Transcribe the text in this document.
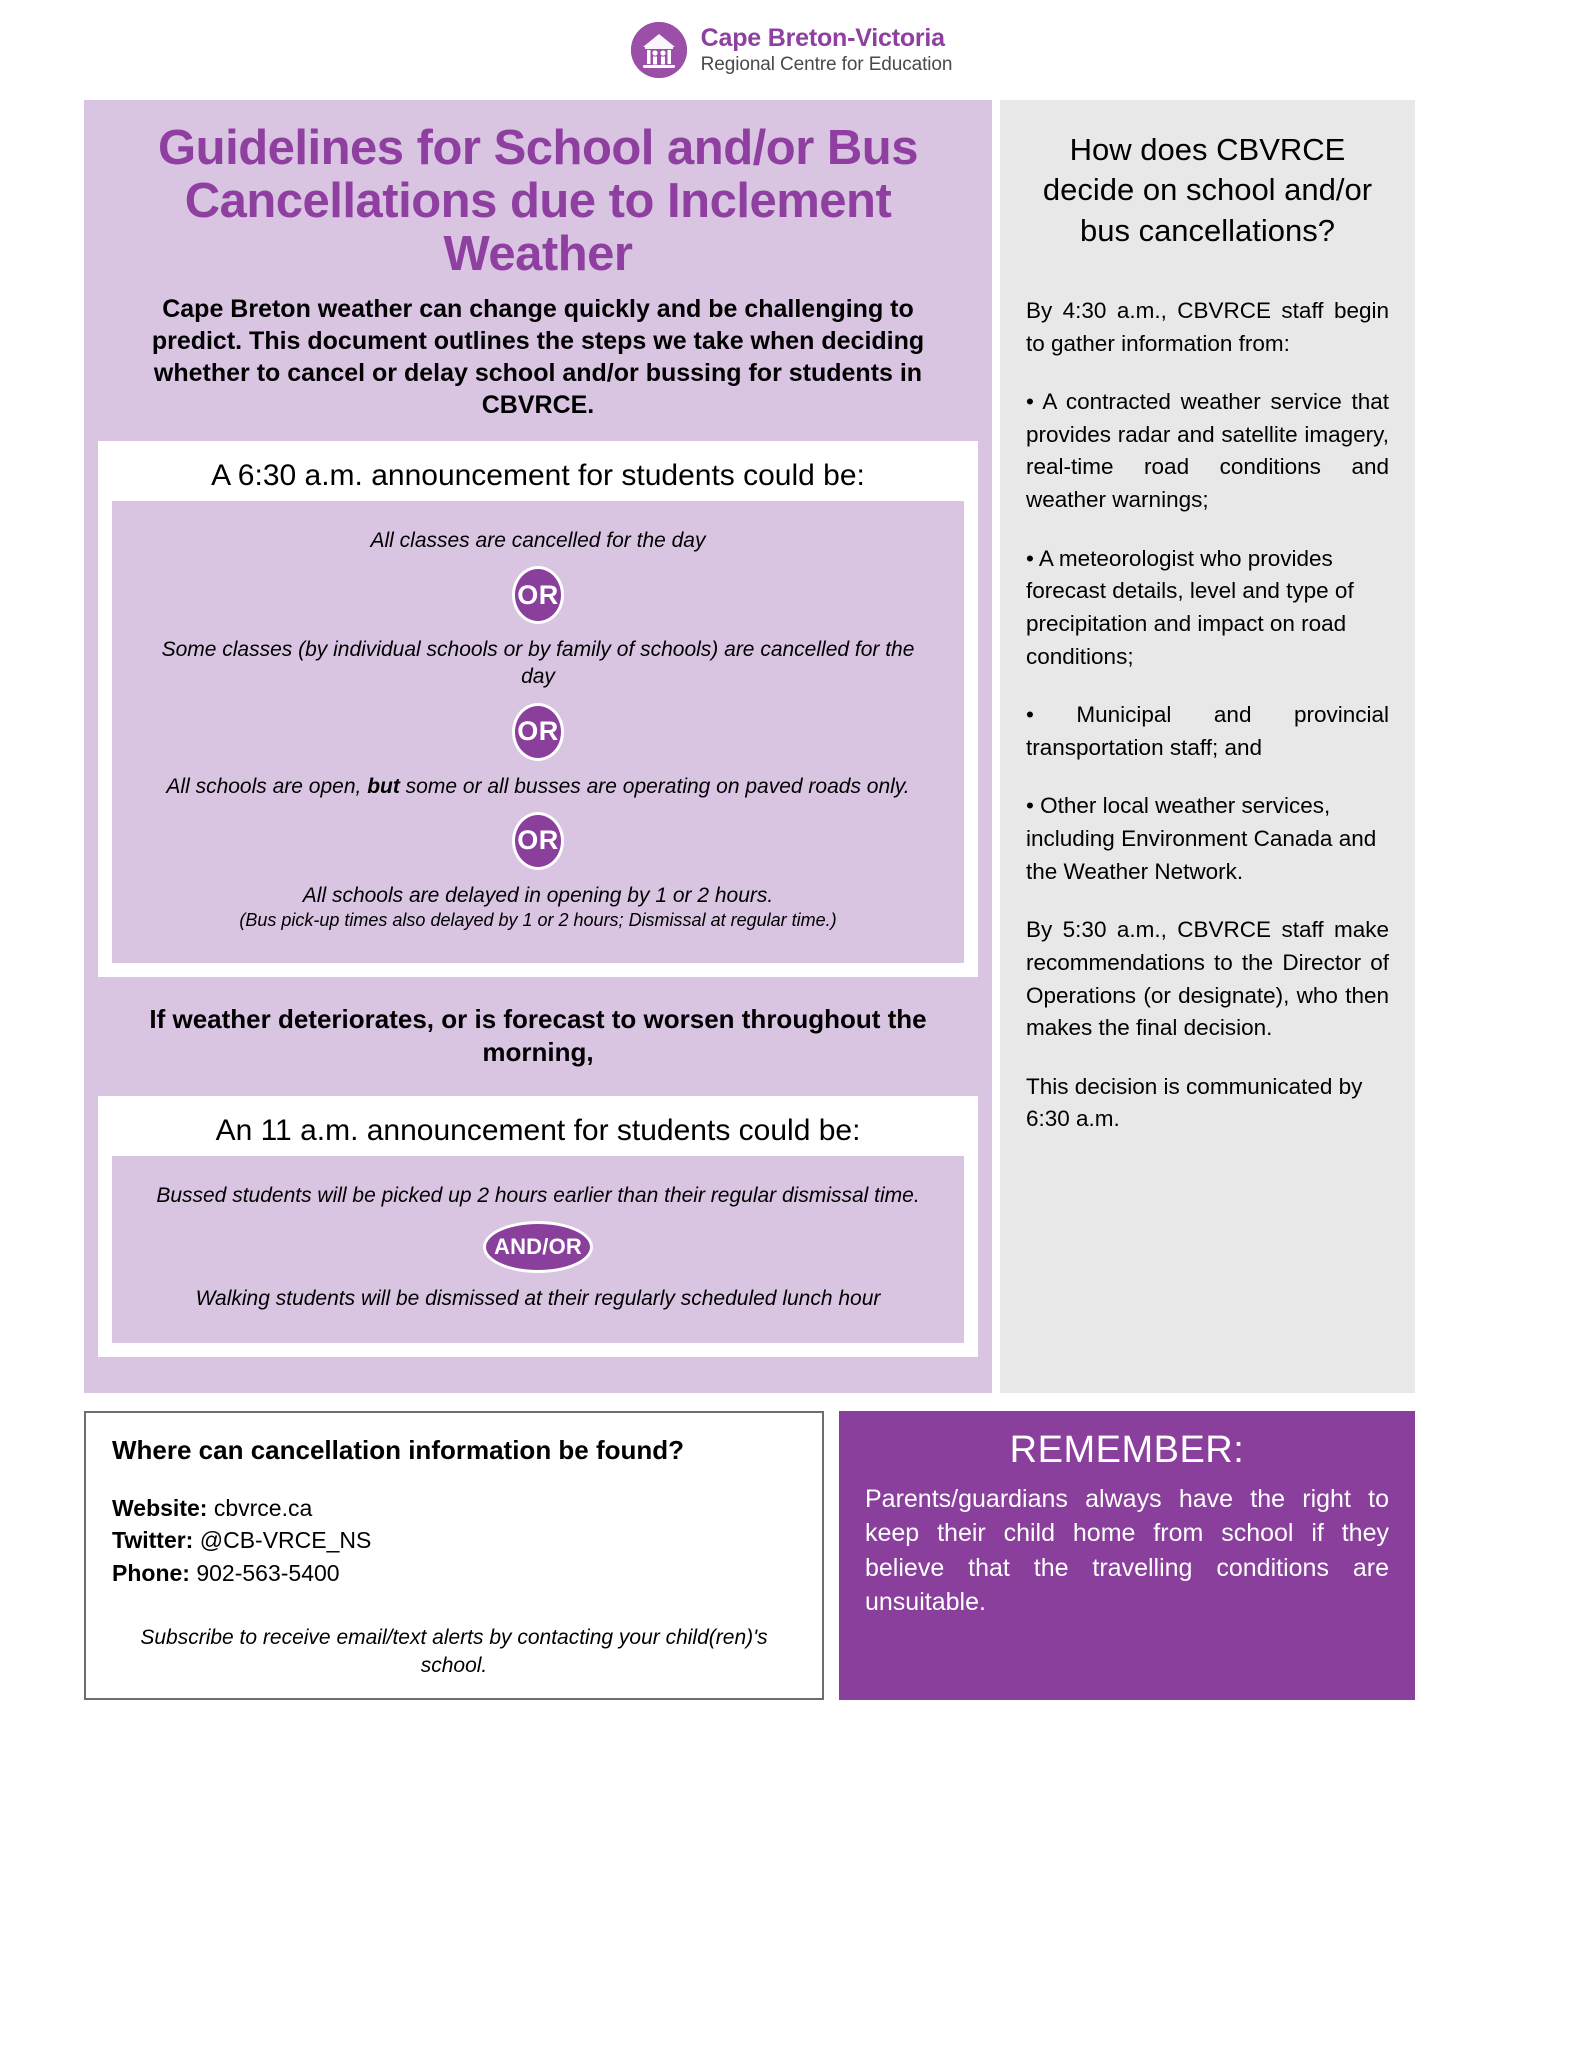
Cape Breton-Victoria
Regional Centre for Education
Guidelines for School and/or Bus Cancellations due to Inclement Weather
Cape Breton weather can change quickly and be challenging to predict. This document outlines the steps we take when deciding whether to cancel or delay school and/or bussing for students in CBVRCE.
A 6:30 a.m. announcement for students could be:
All classes are cancelled for the day
OR
Some classes (by individual schools or by family of schools) are cancelled for the day
OR
All schools are open, but some or all busses are operating on paved roads only.
OR
All schools are delayed in opening by 1 or 2 hours.
(Bus pick-up times also delayed by 1 or 2 hours; Dismissal at regular time.)
If weather deteriorates, or is forecast to worsen throughout the morning,
An 11 a.m. announcement for students could be:
Bussed students will be picked up 2 hours earlier than their regular dismissal time.
AND/OR
Walking students will be dismissed at their regularly scheduled lunch hour
How does CBVRCE decide on school and/or bus cancellations?
By 4:30 a.m., CBVRCE staff begin to gather information from:
• A contracted weather service that provides radar and satellite imagery, real-time road conditions and weather warnings;
• A meteorologist who provides forecast details, level and type of precipitation and impact on road conditions;
• Municipal and provincial transportation staff; and
• Other local weather services, including Environment Canada and the Weather Network.
By 5:30 a.m., CBVRCE staff make recommendations to the Director of Operations (or designate), who then makes the final decision.
This decision is communicated by 6:30 a.m.
Where can cancellation information be found?
Website: cbvrce.ca
Twitter: @CB-VRCE_NS
Phone: 902-563-5400
Subscribe to receive email/text alerts by contacting your child(ren)'s school.
REMEMBER:
Parents/guardians always have the right to keep their child home from school if they believe that the travelling conditions are unsuitable.
